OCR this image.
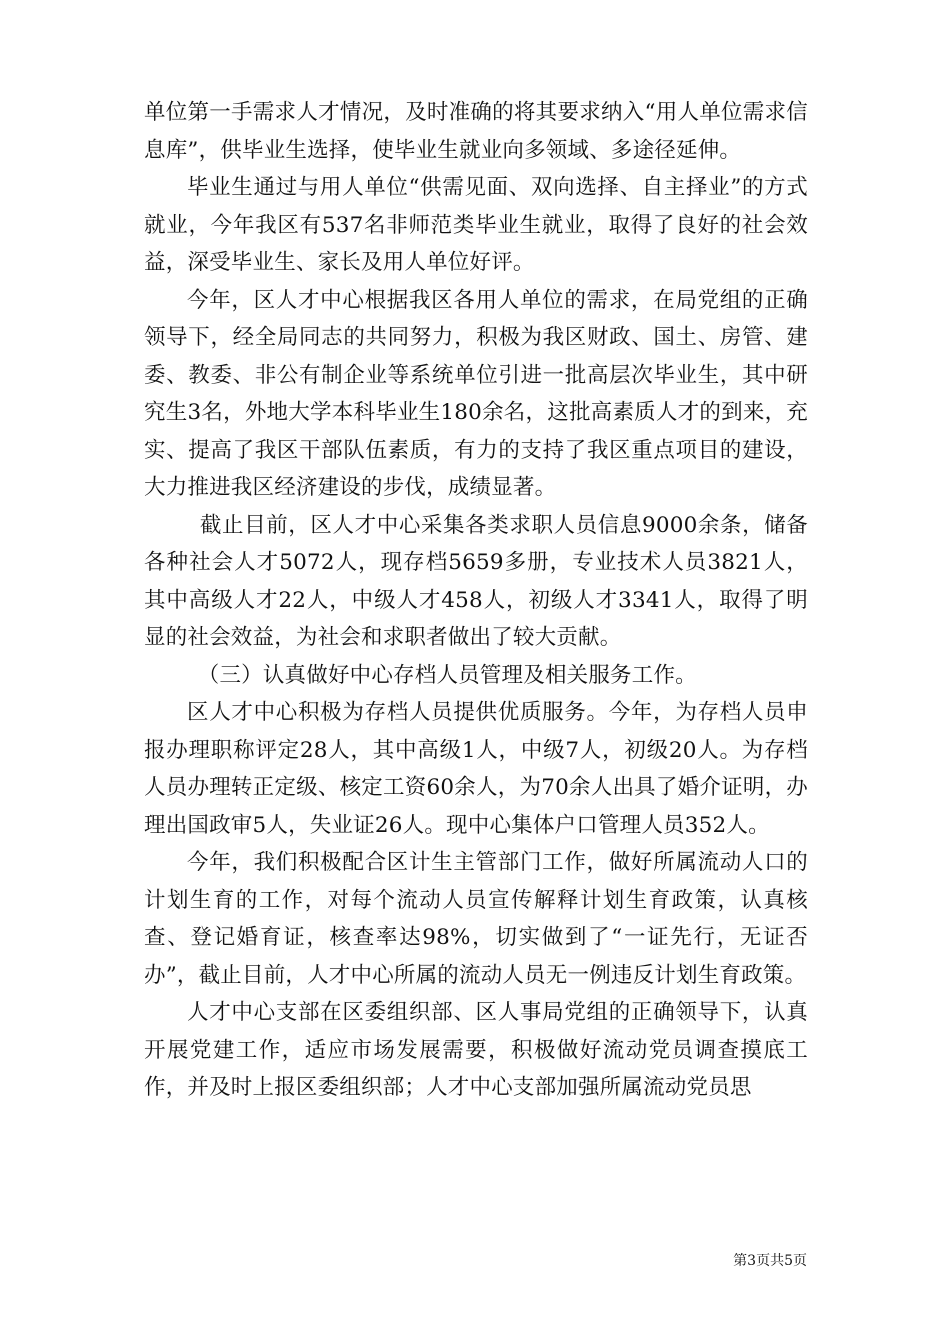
单位第一手需求人才情况，及时准确的将其要求纳入“用人单位需求信息库”，供毕业生选择，使毕业生就业向多领域、多途径延伸。

毕业生通过与用人单位“供需见面、双向选择、自主择业”的方式就业，今年我区有537名非师范类毕业生就业，取得了良好的社会效益，深受毕业生、家长及用人单位好评。

今年，区人才中心根据我区各用人单位的需求，在局党组的正确领导下，经全局同志的共同努力，积极为我区财政、国土、房管、建委、教委、非公有制企业等系统单位引进一批高层次毕业生，其中研究生3名，外地大学本科毕业生180余名，这批高素质人才的到来，充实、提高了我区干部队伍素质，有力的支持了我区重点项目的建设，大力推进我区经济建设的步伐，成绩显著。

截止目前，区人才中心采集各类求职人员信息9000余条，储备各种社会人才5072人，现存档5659多册，专业技术人员3821人，其中高级人才22人，中级人才458人，初级人才3341人，取得了明显的社会效益，为社会和求职者做出了较大贡献。

（三）认真做好中心存档人员管理及相关服务工作。

区人才中心积极为存档人员提供优质服务。今年，为存档人员申报办理职称评定28人，其中高级1人，中级7人，初级20人。为存档人员办理转正定级、核定工资60余人，为70余人出具了婚介证明，办理出国政审5人，失业证26人。现中心集体户口管理人员352人。

今年，我们积极配合区计生主管部门工作，做好所属流动人口的计划生育的工作，对每个流动人员宣传解释计划生育政策，认真核查、登记婚育证，核查率达98%，切实做到了“一证先行，无证否办”，截止目前，人才中心所属的流动人员无一例违反计划生育政策。

人才中心支部在区委组织部、区人事局党组的正确领导下，认真开展党建工作，适应市场发展需要，积极做好流动党员调查摸底工作，并及时上报区委组织部；人才中心支部加强所属流动党员思

第3页共5页
